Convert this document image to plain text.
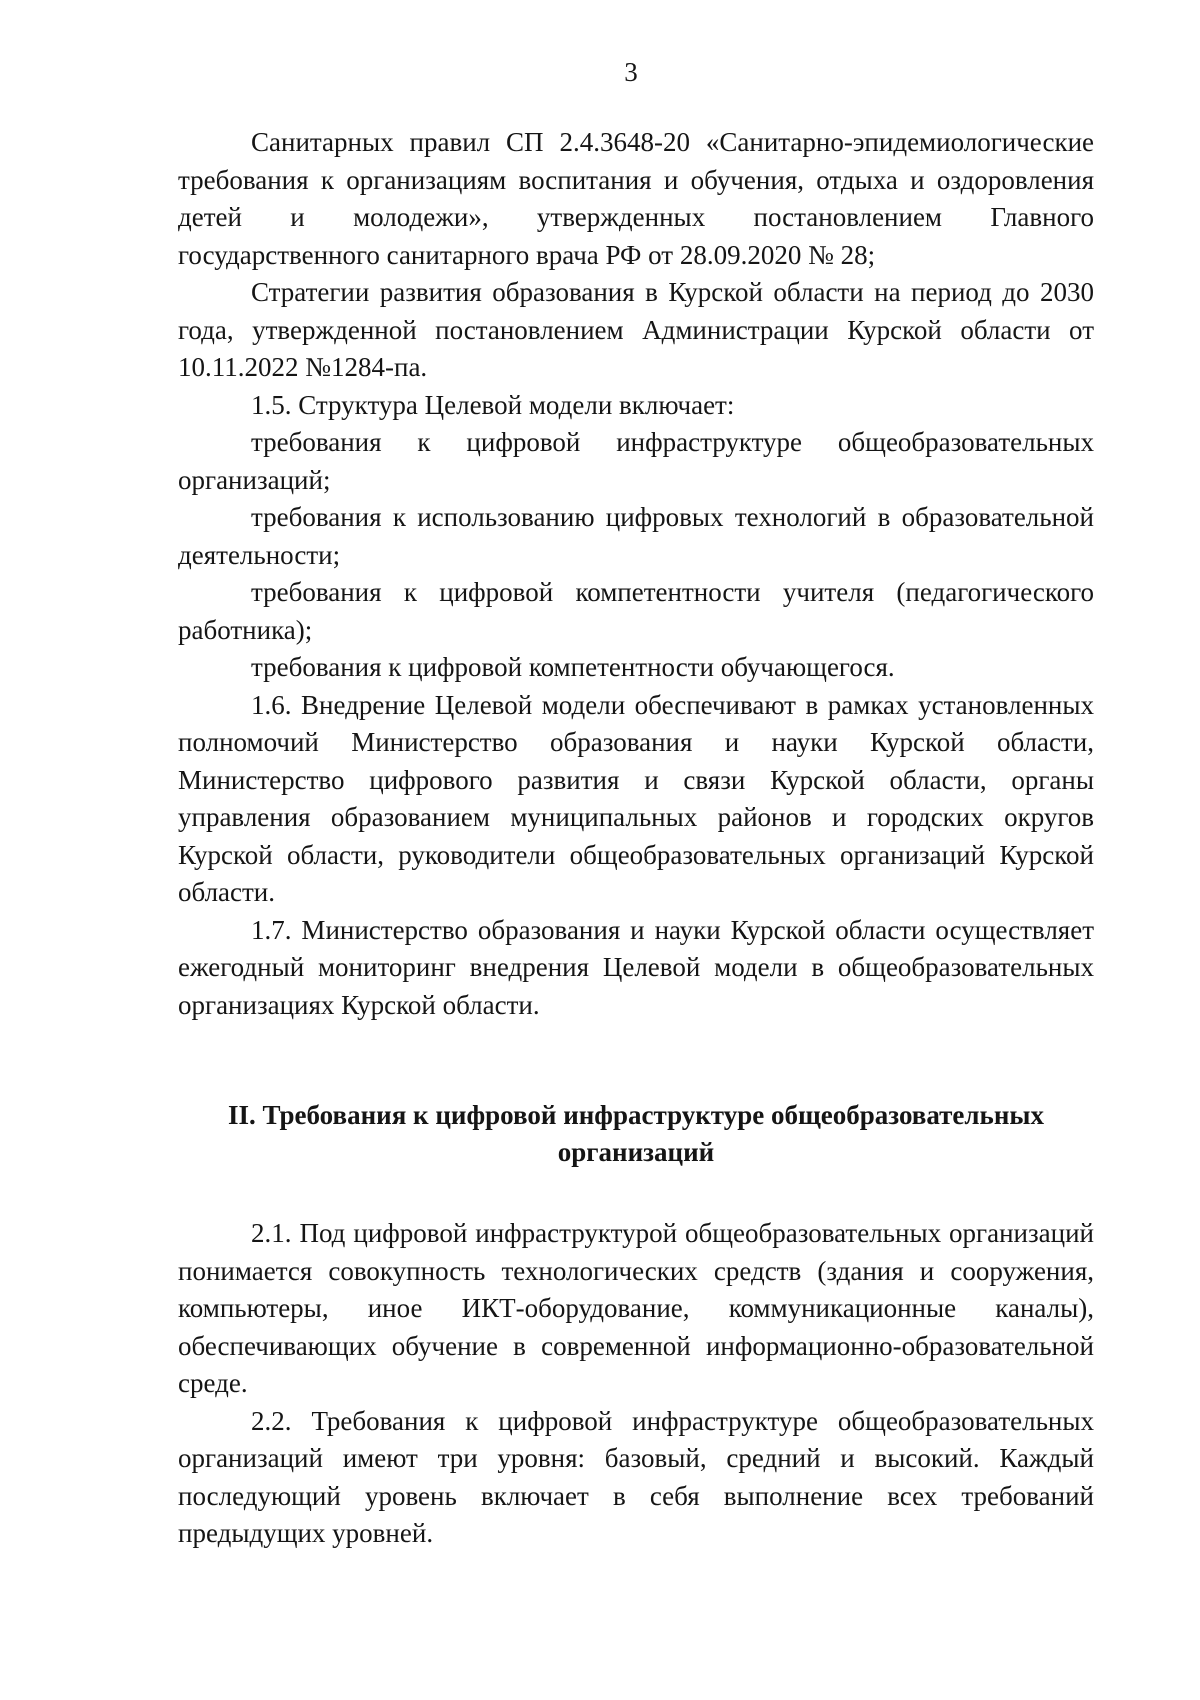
3

Санитарных правил СП 2.4.3648-20 «Санитарно-эпидемиологические требования к организациям воспитания и обучения, отдыха и оздоровления детей и молодежи», утвержденных постановлением Главного государственного санитарного врача РФ от 28.09.2020 № 28;

Стратегии развития образования в Курской области на период до 2030 года, утвержденной постановлением Администрации Курской области от 10.11.2022 №1284-па.

1.5. Структура Целевой модели включает:

требования к цифровой инфраструктуре общеобразовательных организаций;

требования к использованию цифровых технологий в образовательной деятельности;

требования к цифровой компетентности учителя (педагогического работника);

требования к цифровой компетентности обучающегося.

1.6. Внедрение Целевой модели обеспечивают в рамках установленных полномочий Министерство образования и науки Курской области, Министерство цифрового развития и связи Курской области, органы управления образованием муниципальных районов и городских округов Курской области, руководители общеобразовательных организаций Курской области.

1.7. Министерство образования и науки Курской области осуществляет ежегодный мониторинг внедрения Целевой модели в общеобразовательных организациях Курской области.

II. Требования к цифровой инфраструктуре общеобразовательных организаций

2.1. Под цифровой инфраструктурой общеобразовательных организаций понимается совокупность технологических средств (здания и сооружения, компьютеры, иное ИКТ-оборудование, коммуникационные каналы), обеспечивающих обучение в современной информационно-образовательной среде.

2.2. Требования к цифровой инфраструктуре общеобразовательных организаций имеют три уровня: базовый, средний и высокий. Каждый последующий уровень включает в себя выполнение всех требований предыдущих уровней.
